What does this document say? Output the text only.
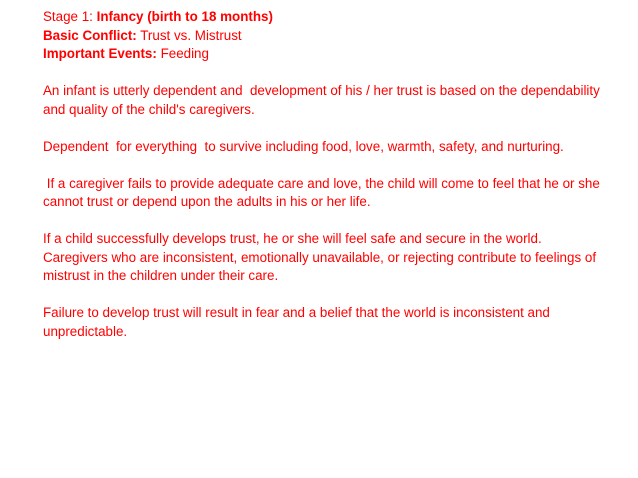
Stage 1: Infancy (birth to 18 months)

Basic Conflict: Trust vs. Mistrust

Important Events: Feeding

An infant is utterly dependent and  development of his / her trust is based on the dependability and quality of the child's caregivers.

Dependent  for everything  to survive including food, love, warmth, safety, and nurturing.

If a caregiver fails to provide adequate care and love, the child will come to feel that he or she cannot trust or depend upon the adults in his or her life.

If a child successfully develops trust, he or she will feel safe and secure in the world. Caregivers who are inconsistent, emotionally unavailable, or rejecting contribute to feelings of mistrust in the children under their care.

Failure to develop trust will result in fear and a belief that the world is inconsistent and unpredictable.
